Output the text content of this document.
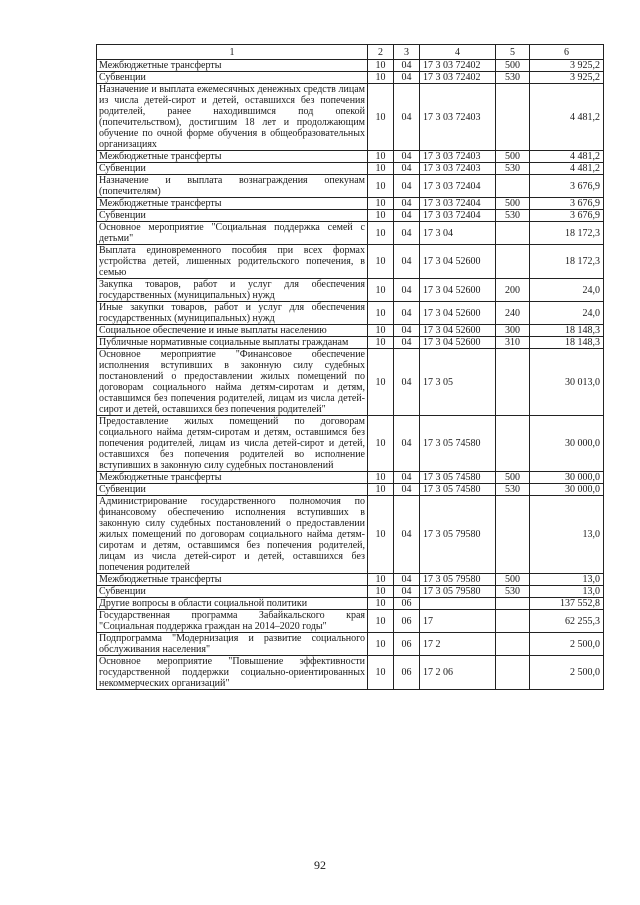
1	2	3	4	5	6
Межбюджетные трансферты	10	04	17 3 03 72402	500	3 925,2
Субвенции	10	04	17 3 03 72402	530	3 925,2
Назначение и выплата ежемесячных денежных средств лицам из числа детей-сирот и детей, оставшихся без попечения родителей, ранее находившимся под опекой (попечительством), достигшим 18 лет и продолжающим обучение по очной форме обучения в общеобразовательных организациях	10	04	17 3 03 72403		4 481,2
Межбюджетные трансферты	10	04	17 3 03 72403	500	4 481,2
Субвенции	10	04	17 3 03 72403	530	4 481,2
Назначение и выплата вознаграждения опекунам (попечителям)	10	04	17 3 03 72404		3 676,9
Межбюджетные трансферты	10	04	17 3 03 72404	500	3 676,9
Субвенции	10	04	17 3 03 72404	530	3 676,9
Основное мероприятие "Социальная поддержка семей с детьми"	10	04	17 3 04		18 172,3
Выплата единовременного пособия при всех формах устройства детей, лишенных родительского попечения, в семью	10	04	17 3 04 52600		18 172,3
Закупка товаров, работ и услуг для обеспечения государственных (муниципальных) нужд	10	04	17 3 04 52600	200	24,0
Иные закупки товаров, работ и услуг для обеспечения государственных (муниципальных) нужд	10	04	17 3 04 52600	240	24,0
Социальное обеспечение и иные выплаты населению	10	04	17 3 04 52600	300	18 148,3
Публичные нормативные социальные выплаты гражданам	10	04	17 3 04 52600	310	18 148,3
Основное мероприятие "Финансовое обеспечение исполнения вступивших в законную силу судебных постановлений о предоставлении жилых помещений по договорам социального найма детям-сиротам и детям, оставшимся без попечения родителей, лицам из числа детей-сирот и детей, оставшихся без попечения родителей"	10	04	17 3 05		30 013,0
Предоставление жилых помещений по договорам социального найма детям-сиротам и детям, оставшимся без попечения родителей, лицам из числа детей-сирот и детей, оставшихся без попечения родителей во исполнение вступивших в законную силу судебных постановлений	10	04	17 3 05 74580		30 000,0
Межбюджетные трансферты	10	04	17 3 05 74580	500	30 000,0
Субвенции	10	04	17 3 05 74580	530	30 000,0
Администрирование государственного полномочия по финансовому обеспечению исполнения вступивших в законную силу судебных постановлений о предоставлении жилых помещений по договорам социального найма детям-сиротам и детям, оставшимся без попечения родителей, лицам из числа детей-сирот и детей, оставшихся без попечения родителей	10	04	17 3 05 79580		13,0
Межбюджетные трансферты	10	04	17 3 05 79580	500	13,0
Субвенции	10	04	17 3 05 79580	530	13,0
Другие вопросы в области социальной политики	10	06			137 552,8
Государственная программа Забайкальского края "Социальная поддержка граждан на 2014–2020 годы"	10	06	17		62 255,3
Подпрограмма "Модернизация и развитие социального обслуживания населения"	10	06	17 2		2 500,0
Основное мероприятие "Повышение эффективности государственной поддержки социально-ориентированных некоммерческих организаций"	10	06	17 2 06		2 500,0
92
